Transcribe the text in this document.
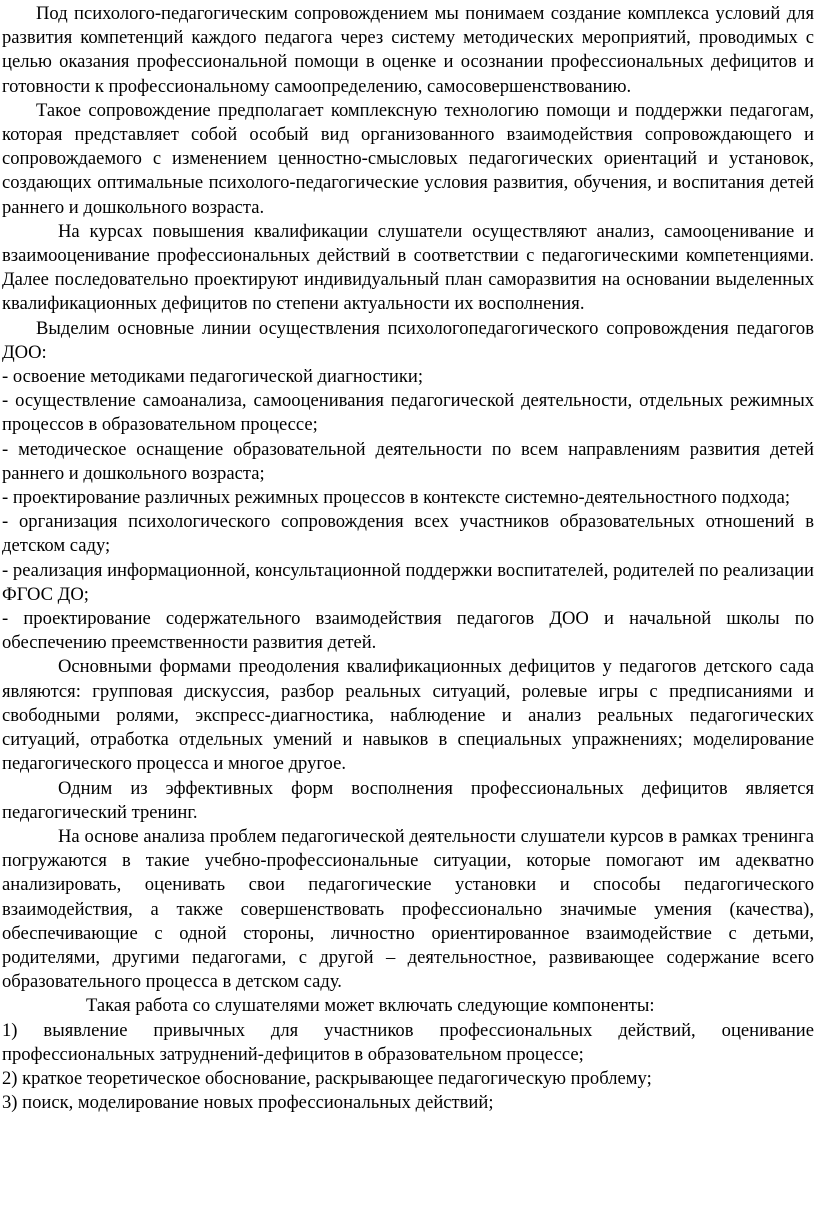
Под психолого-педагогическим сопровождением мы понимаем создание комплекса условий для развития компетенций каждого педагога через систему методических мероприятий, проводимых с целью оказания профессиональной помощи в оценке и осознании профессиональных дефицитов и готовности к профессиональному самоопределению, самосовершенствованию.

Такое сопровождение предполагает комплексную технологию помощи и поддержки педагогам, которая представляет собой особый вид организованного взаимодействия сопровождающего и сопровождаемого с изменением ценностно-смысловых педагогических ориентаций и установок, создающих оптимальные психолого-педагогические условия развития, обучения, и воспитания детей раннего и дошкольного возраста.

На курсах повышения квалификации слушатели осуществляют анализ, самооценивание и взаимооценивание профессиональных действий в соответствии с педагогическими компетенциями. Далее последовательно проектируют индивидуальный план саморазвития на основании выделенных квалификационных дефицитов по степени актуальности их восполнения.

Выделим основные линии осуществления психологопедагогического сопровождения педагогов ДОО:

- освоение методиками педагогической диагностики;

- осуществление самоанализа, самооценивания педагогической деятельности, отдельных режимных процессов в образовательном процессе;

- методическое оснащение образовательной деятельности по всем направлениям развития детей раннего и дошкольного возраста;

- проектирование различных режимных процессов в контексте системно-деятельностного подхода;

- организация психологического сопровождения всех участников образовательных отношений в детском саду;

- реализация информационной, консультационной поддержки воспитателей, родителей по реализации ФГОС ДО;

- проектирование содержательного взаимодействия педагогов ДОО и начальной школы по обеспечению преемственности развития детей.

Основными формами преодоления квалификационных дефицитов у педагогов детского сада являются: групповая дискуссия, разбор реальных ситуаций, ролевые игры с предписаниями и свободными ролями, экспресс-диагностика, наблюдение и анализ реальных педагогических ситуаций, отработка отдельных умений и навыков в специальных упражнениях; моделирование педагогического процесса и многое другое.

Одним из эффективных форм восполнения профессиональных дефицитов является педагогический тренинг.

На основе анализа проблем педагогической деятельности слушатели курсов в рамках тренинга погружаются в такие учебно-профессиональные ситуации, которые помогают им адекватно анализировать, оценивать свои педагогические установки и способы педагогического взаимодействия, а также совершенствовать профессионально значимые умения (качества), обеспечивающие с одной стороны, личностно ориентированное взаимодействие с детьми, родителями, другими педагогами, с другой – деятельностное, развивающее содержание всего образовательного процесса в детском саду.

Такая работа со слушателями может включать следующие компоненты:

1) выявление привычных для участников профессиональных действий, оценивание профессиональных затруднений-дефицитов в образовательном процессе;

2) краткое теоретическое обоснование, раскрывающее педагогическую проблему;

3) поиск, моделирование новых профессиональных действий;
